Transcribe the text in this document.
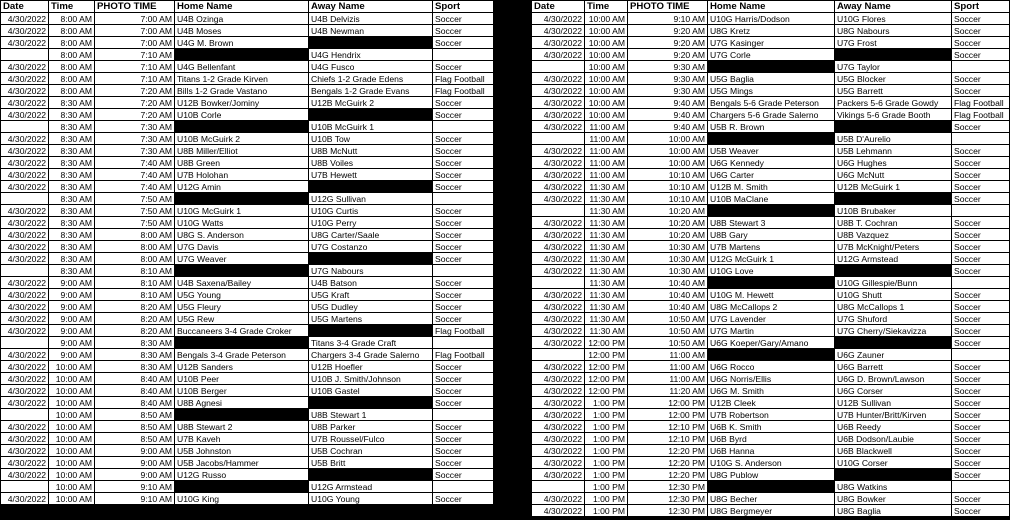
Date	Time	PHOTO TIME	Home Name	Away Name	Sport
4/30/2022	8:00 AM	7:00 AM	U4B Ozinga	U4B Delvizis	Soccer
4/30/2022	8:00 AM	7:00 AM	U4B Moses	U4B Newman	Soccer
4/30/2022	8:00 AM	7:00 AM	U4G M. Brown		Soccer
	8:00 AM	7:10 AM		U4G Hendrix	
4/30/2022	8:00 AM	7:10 AM	U4G Bellenfant	U4G Fusco	Soccer
4/30/2022	8:00 AM	7:10 AM	Titans 1-2 Grade Kirven	Chiefs 1-2 Grade Edens	Flag Football
4/30/2022	8:00 AM	7:20 AM	Bills 1-2 Grade Vastano	Bengals 1-2 Grade Evans	Flag Football
4/30/2022	8:30 AM	7:20 AM	U12B Bowker/Jominy	U12B McGuirk 2	Soccer
4/30/2022	8:30 AM	7:20 AM	U10B Corle		Soccer
	8:30 AM	7:30 AM		U10B McGuirk 1	
4/30/2022	8:30 AM	7:30 AM	U10B McGuirk 2	U10B Tow	Soccer
4/30/2022	8:30 AM	7:30 AM	U8B Miller/Elliot	U8B McNutt	Soccer
4/30/2022	8:30 AM	7:40 AM	U8B Green	U8B Voiles	Soccer
4/30/2022	8:30 AM	7:40 AM	U7B Holohan	U7B Hewett	Soccer
4/30/2022	8:30 AM	7:40 AM	U12G Amin		Soccer
	8:30 AM	7:50 AM		U12G Sullivan	
4/30/2022	8:30 AM	7:50 AM	U10G McGuirk 1	U10G Curtis	Soccer
4/30/2022	8:30 AM	7:50 AM	U10G Watts	U10G Perry	Soccer
4/30/2022	8:30 AM	8:00 AM	U8G S. Anderson	U8G Carter/Saale	Soccer
4/30/2022	8:30 AM	8:00 AM	U7G Davis	U7G Costanzo	Soccer
4/30/2022	8:30 AM	8:00 AM	U7G Weaver		Soccer
	8:30 AM	8:10 AM		U7G Nabours	
4/30/2022	9:00 AM	8:10 AM	U4B Saxena/Bailey	U4B Batson	Soccer
4/30/2022	9:00 AM	8:10 AM	U5G Young	U5G Kraft	Soccer
4/30/2022	9:00 AM	8:20 AM	U5G Fleury	U5G Dudley	Soccer
4/30/2022	9:00 AM	8:20 AM	U5G Rew	U5G Martens	Soccer
4/30/2022	9:00 AM	8:20 AM	Buccaneers 3-4 Grade Croker		Flag Football
	9:00 AM	8:30 AM		Titans 3-4 Grade Craft	
4/30/2022	9:00 AM	8:30 AM	Bengals 3-4 Grade Peterson	Chargers 3-4 Grade Salerno	Flag Football
4/30/2022	10:00 AM	8:30 AM	U12B Sanders	U12B Hoefler	Soccer
4/30/2022	10:00 AM	8:40 AM	U10B Peer	U10B J. Smith/Johnson	Soccer
4/30/2022	10:00 AM	8:40 AM	U10B Berger	U10B Gastel	Soccer
4/30/2022	10:00 AM	8:40 AM	U8B Agnesi		Soccer
	10:00 AM	8:50 AM		U8B Stewart 1	
4/30/2022	10:00 AM	8:50 AM	U8B Stewart 2	U8B Parker	Soccer
4/30/2022	10:00 AM	8:50 AM	U7B Kaveh	U7B Roussel/Fulco	Soccer
4/30/2022	10:00 AM	9:00 AM	U5B Johnston	U5B Cochran	Soccer
4/30/2022	10:00 AM	9:00 AM	U5B Jacobs/Hammer	U5B Britt	Soccer
4/30/2022	10:00 AM	9:00 AM	U12G Russo		Soccer
	10:00 AM	9:10 AM		U12G Armstead	
4/30/2022	10:00 AM	9:10 AM	U10G King	U10G Young	Soccer
Date	Time	PHOTO TIME	Home Name	Away Name	Sport
4/30/2022	10:00 AM	9:10 AM	U10G Harris/Dodson	U10G Flores	Soccer
4/30/2022	10:00 AM	9:20 AM	U8G Kretz	U8G Nabours	Soccer
4/30/2022	10:00 AM	9:20 AM	U7G Kasinger	U7G Frost	Soccer
4/30/2022	10:00 AM	9:20 AM	U7G Corle		Soccer
	10:00 AM	9:30 AM		U7G Taylor	
4/30/2022	10:00 AM	9:30 AM	U5G Baglia	U5G Blocker	Soccer
4/30/2022	10:00 AM	9:30 AM	U5G Mings	U5G Barrett	Soccer
4/30/2022	10:00 AM	9:40 AM	Bengals 5-6 Grade Peterson	Packers 5-6 Grade Gowdy	Flag Football
4/30/2022	10:00 AM	9:40 AM	Chargers 5-6 Grade Salerno	Vikings 5-6 Grade Booth	Flag Football
4/30/2022	11:00 AM	9:40 AM	U5B R. Brown		Soccer
	11:00 AM	10:00 AM		U5B D'Aurelio	
4/30/2022	11:00 AM	10:00 AM	U5B Weaver	U5B Lehmann	Soccer
4/30/2022	11:00 AM	10:00 AM	U6G Kennedy	U6G Hughes	Soccer
4/30/2022	11:00 AM	10:10 AM	U6G Carter	U6G McNutt	Soccer
4/30/2022	11:30 AM	10:10 AM	U12B M. Smith	U12B McGuirk 1	Soccer
4/30/2022	11:30 AM	10:10 AM	U10B MaClane		Soccer
	11:30 AM	10:20 AM		U10B Brubaker	
4/30/2022	11:30 AM	10:20 AM	U8B Stewart 3	U8B T. Cochran	Soccer
4/30/2022	11:30 AM	10:20 AM	U8B Gary	U8B Vazquez	Soccer
4/30/2022	11:30 AM	10:30 AM	U7B Martens	U7B McKnight/Peters	Soccer
4/30/2022	11:30 AM	10:30 AM	U12G McGuirk 1	U12G Armstead	Soccer
4/30/2022	11:30 AM	10:30 AM	U10G Love		Soccer
	11:30 AM	10:40 AM		U10G Gillespie/Bunn	
4/30/2022	11:30 AM	10:40 AM	U10G M. Hewett	U10G Shutt	Soccer
4/30/2022	11:30 AM	10:40 AM	U8G McCallops 2	U8G McCallops 1	Soccer
4/30/2022	11:30 AM	10:50 AM	U7G Lavender	U7G Shuford	Soccer
4/30/2022	11:30 AM	10:50 AM	U7G Martin	U7G Cherry/Siekavizza	Soccer
4/30/2022	12:00 PM	10:50 AM	U6G Koeper/Gary/Amano		Soccer
	12:00 PM	11:00 AM		U6G Zauner	
4/30/2022	12:00 PM	11:00 AM	U6G Rocco	U6G Barrett	Soccer
4/30/2022	12:00 PM	11:00 AM	U6G Norris/Ellis	U6G D. Brown/Lawson	Soccer
4/30/2022	12:00 PM	11:20 AM	U6G M. Smith	U6G Corser	Soccer
4/30/2022	1:00 PM	12:00 PM	U12B Cleek	U12B Sullivan	Soccer
4/30/2022	1:00 PM	12:00 PM	U7B Robertson	U7B Hunter/Britt/Kirven	Soccer
4/30/2022	1:00 PM	12:10 PM	U6B K. Smith	U6B Reedy	Soccer
4/30/2022	1:00 PM	12:10 PM	U6B Byrd	U6B Dodson/Laubie	Soccer
4/30/2022	1:00 PM	12:20 PM	U6B Hanna	U6B Blackwell	Soccer
4/30/2022	1:00 PM	12:20 PM	U10G S. Anderson	U10G Corser	Soccer
4/30/2022	1:00 PM	12:20 PM	U8G Publow		Soccer
	1:00 PM	12:30 PM		U8G Watkins	
4/30/2022	1:00 PM	12:30 PM	U8G Becher	U8G Bowker	Soccer
4/30/2022	1:00 PM	12:30 PM	U8G Bergmeyer	U8G Baglia	Soccer
